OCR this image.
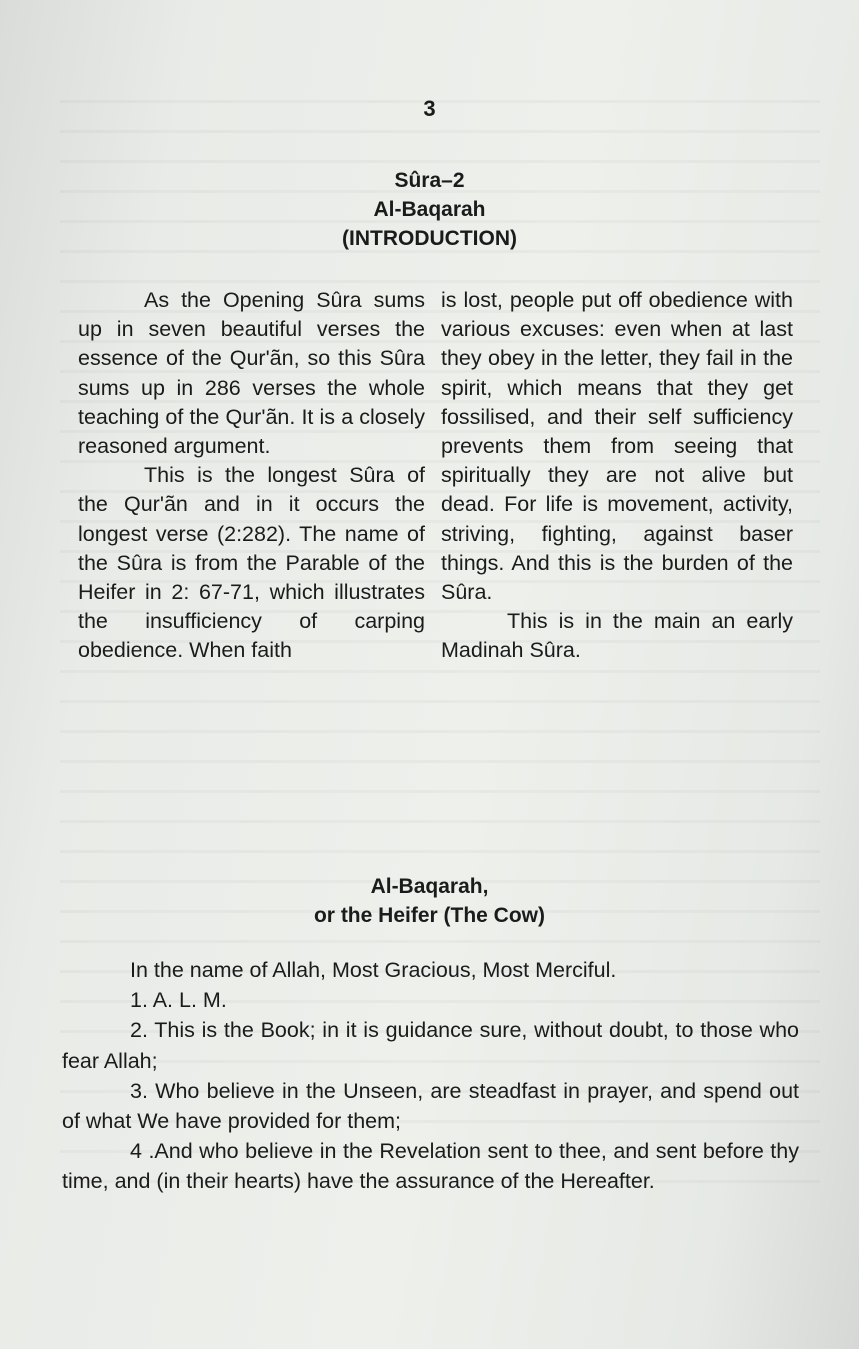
3
Sûra–2
Al-Baqarah
(INTRODUCTION)

As the Opening Sûra sums up in seven beautiful verses the essence of the Qur'ãn, so this Sûra sums up in 286 verses the whole teaching of the Qur'ãn. It is a closely reasoned argument.

This is the longest Sûra of the Qur'ãn and in it occurs the longest verse (2:282). The name of the Sûra is from the Parable of the Heifer in 2: 67-71, which illustrates the insufficiency of carping obedience. When faith

is lost, people put off obedience with various excuses: even when at last they obey in the letter, they fail in the spirit, which means that they get fossilised, and their self sufficiency prevents them from seeing that spiritually they are not alive but dead. For life is movement, activity, striving, fighting, against baser things. And this is the burden of the Sûra.

This is in the main an early Madinah Sûra.

Al-Baqarah,
or the Heifer (The Cow)

In the name of Allah, Most Gracious, Most Merciful.

1. A. L. M.

2. This is the Book; in it is guidance sure, without doubt, to those who fear Allah;

3. Who believe in the Unseen, are steadfast in prayer, and spend out of what We have provided for them;

4 .And who believe in the Revelation sent to thee, and sent before thy time, and (in their hearts) have the assurance of the Hereafter.
